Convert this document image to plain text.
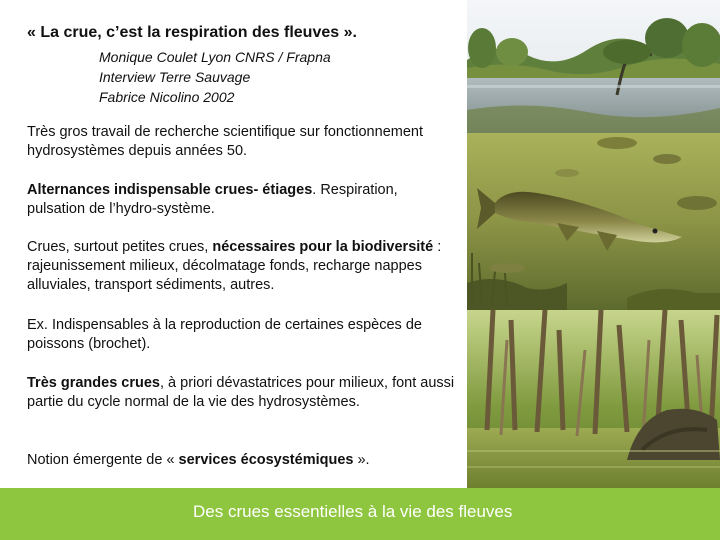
« La crue, c’est la respiration des fleuves ».

Monique Coulet Lyon CNRS / Frapna
Interview Terre Sauvage
Fabrice Nicolino 2002

Très gros travail de recherche scientifique sur fonctionnement hydrosystèmes depuis années 50.

Alternances indispensable crues- étiages. Respiration, pulsation de l’hydro-système.

Crues, surtout petites crues, nécessaires pour la biodiversité : rajeunissement milieux, décolmatage fonds, recharge nappes alluviales, transport sédiments, autres.

Ex. Indispensables à la reproduction de certaines espèces de poissons (brochet).

Très grandes crues, à priori dévastatrices pour milieux, font aussi partie du cycle normal de la vie des hydrosystèmes.

Notion émergente de « services écosystémiques ».

Des crues essentielles à la vie des fleuves
